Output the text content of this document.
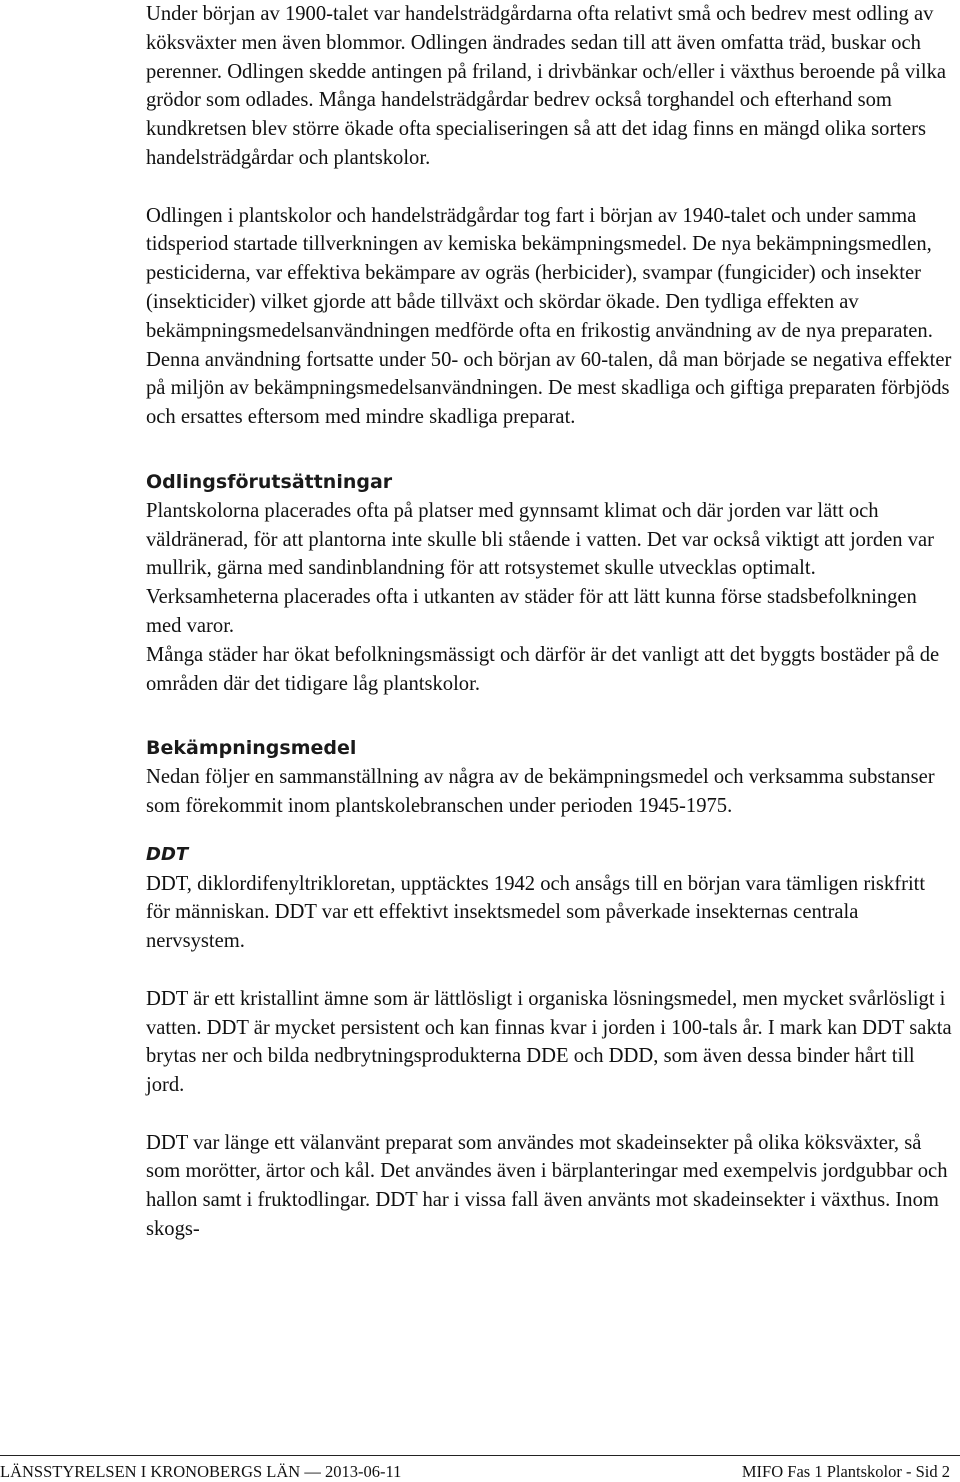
Under början av 1900-talet var handelsträdgårdarna ofta relativt små och bedrev mest odling av köksväxter men även blommor. Odlingen ändrades sedan till att även omfatta träd, buskar och perenner. Odlingen skedde antingen på friland, i drivbänkar och/eller i växthus beroende på vilka grödor som odlades. Många handelsträdgårdar bedrev också torghandel och efterhand som kundkretsen blev större ökade ofta specialiseringen så att det idag finns en mängd olika sorters handelsträdgårdar och plantskolor.

Odlingen i plantskolor och handelsträdgårdar tog fart i början av 1940-talet och under samma tidsperiod startade tillverkningen av kemiska bekämpningsmedel. De nya bekämpningsmedlen, pesticiderna, var effektiva bekämpare av ogräs (herbicider), svampar (fungicider) och insekter (insekticider) vilket gjorde att både tillväxt och skördar ökade. Den tydliga effekten av bekämpningsmedelsanvändningen medförde ofta en frikostig användning av de nya preparaten. Denna användning fortsatte under 50- och början av 60-talen, då man började se negativa effekter på miljön av bekämpningsmedelsanvändningen. De mest skadliga och giftiga preparaten förbjöds och ersattes eftersom med mindre skadliga preparat.

Odlingsförutsättningar

Plantskolorna placerades ofta på platser med gynnsamt klimat och där jorden var lätt och väldränerad, för att plantorna inte skulle bli stående i vatten. Det var också viktigt att jorden var mullrik, gärna med sandinblandning för att rotsystemet skulle utvecklas optimalt.

Verksamheterna placerades ofta i utkanten av städer för att lätt kunna förse stadsbefolkningen med varor.

Många städer har ökat befolkningsmässigt och därför är det vanligt att det byggts bostäder på de områden där det tidigare låg plantskolor.

Bekämpningsmedel

Nedan följer en sammanställning av några av de bekämpningsmedel och verksamma substanser som förekommit inom plantskolebranschen under perioden 1945-1975.

DDT

DDT, diklordifenyltrikloretan, upptäcktes 1942 och ansågs till en början vara tämligen riskfritt för människan. DDT var ett effektivt insektsmedel som påverkade insekternas centrala nervsystem.

DDT är ett kristallint ämne som är lättlösligt i organiska lösningsmedel, men mycket svårlösligt i vatten. DDT är mycket persistent och kan finnas kvar i jorden i 100-tals år. I mark kan DDT sakta brytas ner och bilda nedbrytningsprodukterna DDE och DDD, som även dessa binder hårt till jord.

DDT var länge ett välanvänt preparat som användes mot skadeinsekter på olika köksväxter, så som morötter, ärtor och kål. Det användes även i bärplanteringar med exempelvis jordgubbar och hallon samt i fruktodlingar. DDT har i vissa fall även använts mot skadeinsekter i växthus. Inom skogs-

LÄNSSTYRELSEN I KRONOBERGS LÄN — 2013-06-11	MIFO Fas 1 Plantskolor - Sid 2
